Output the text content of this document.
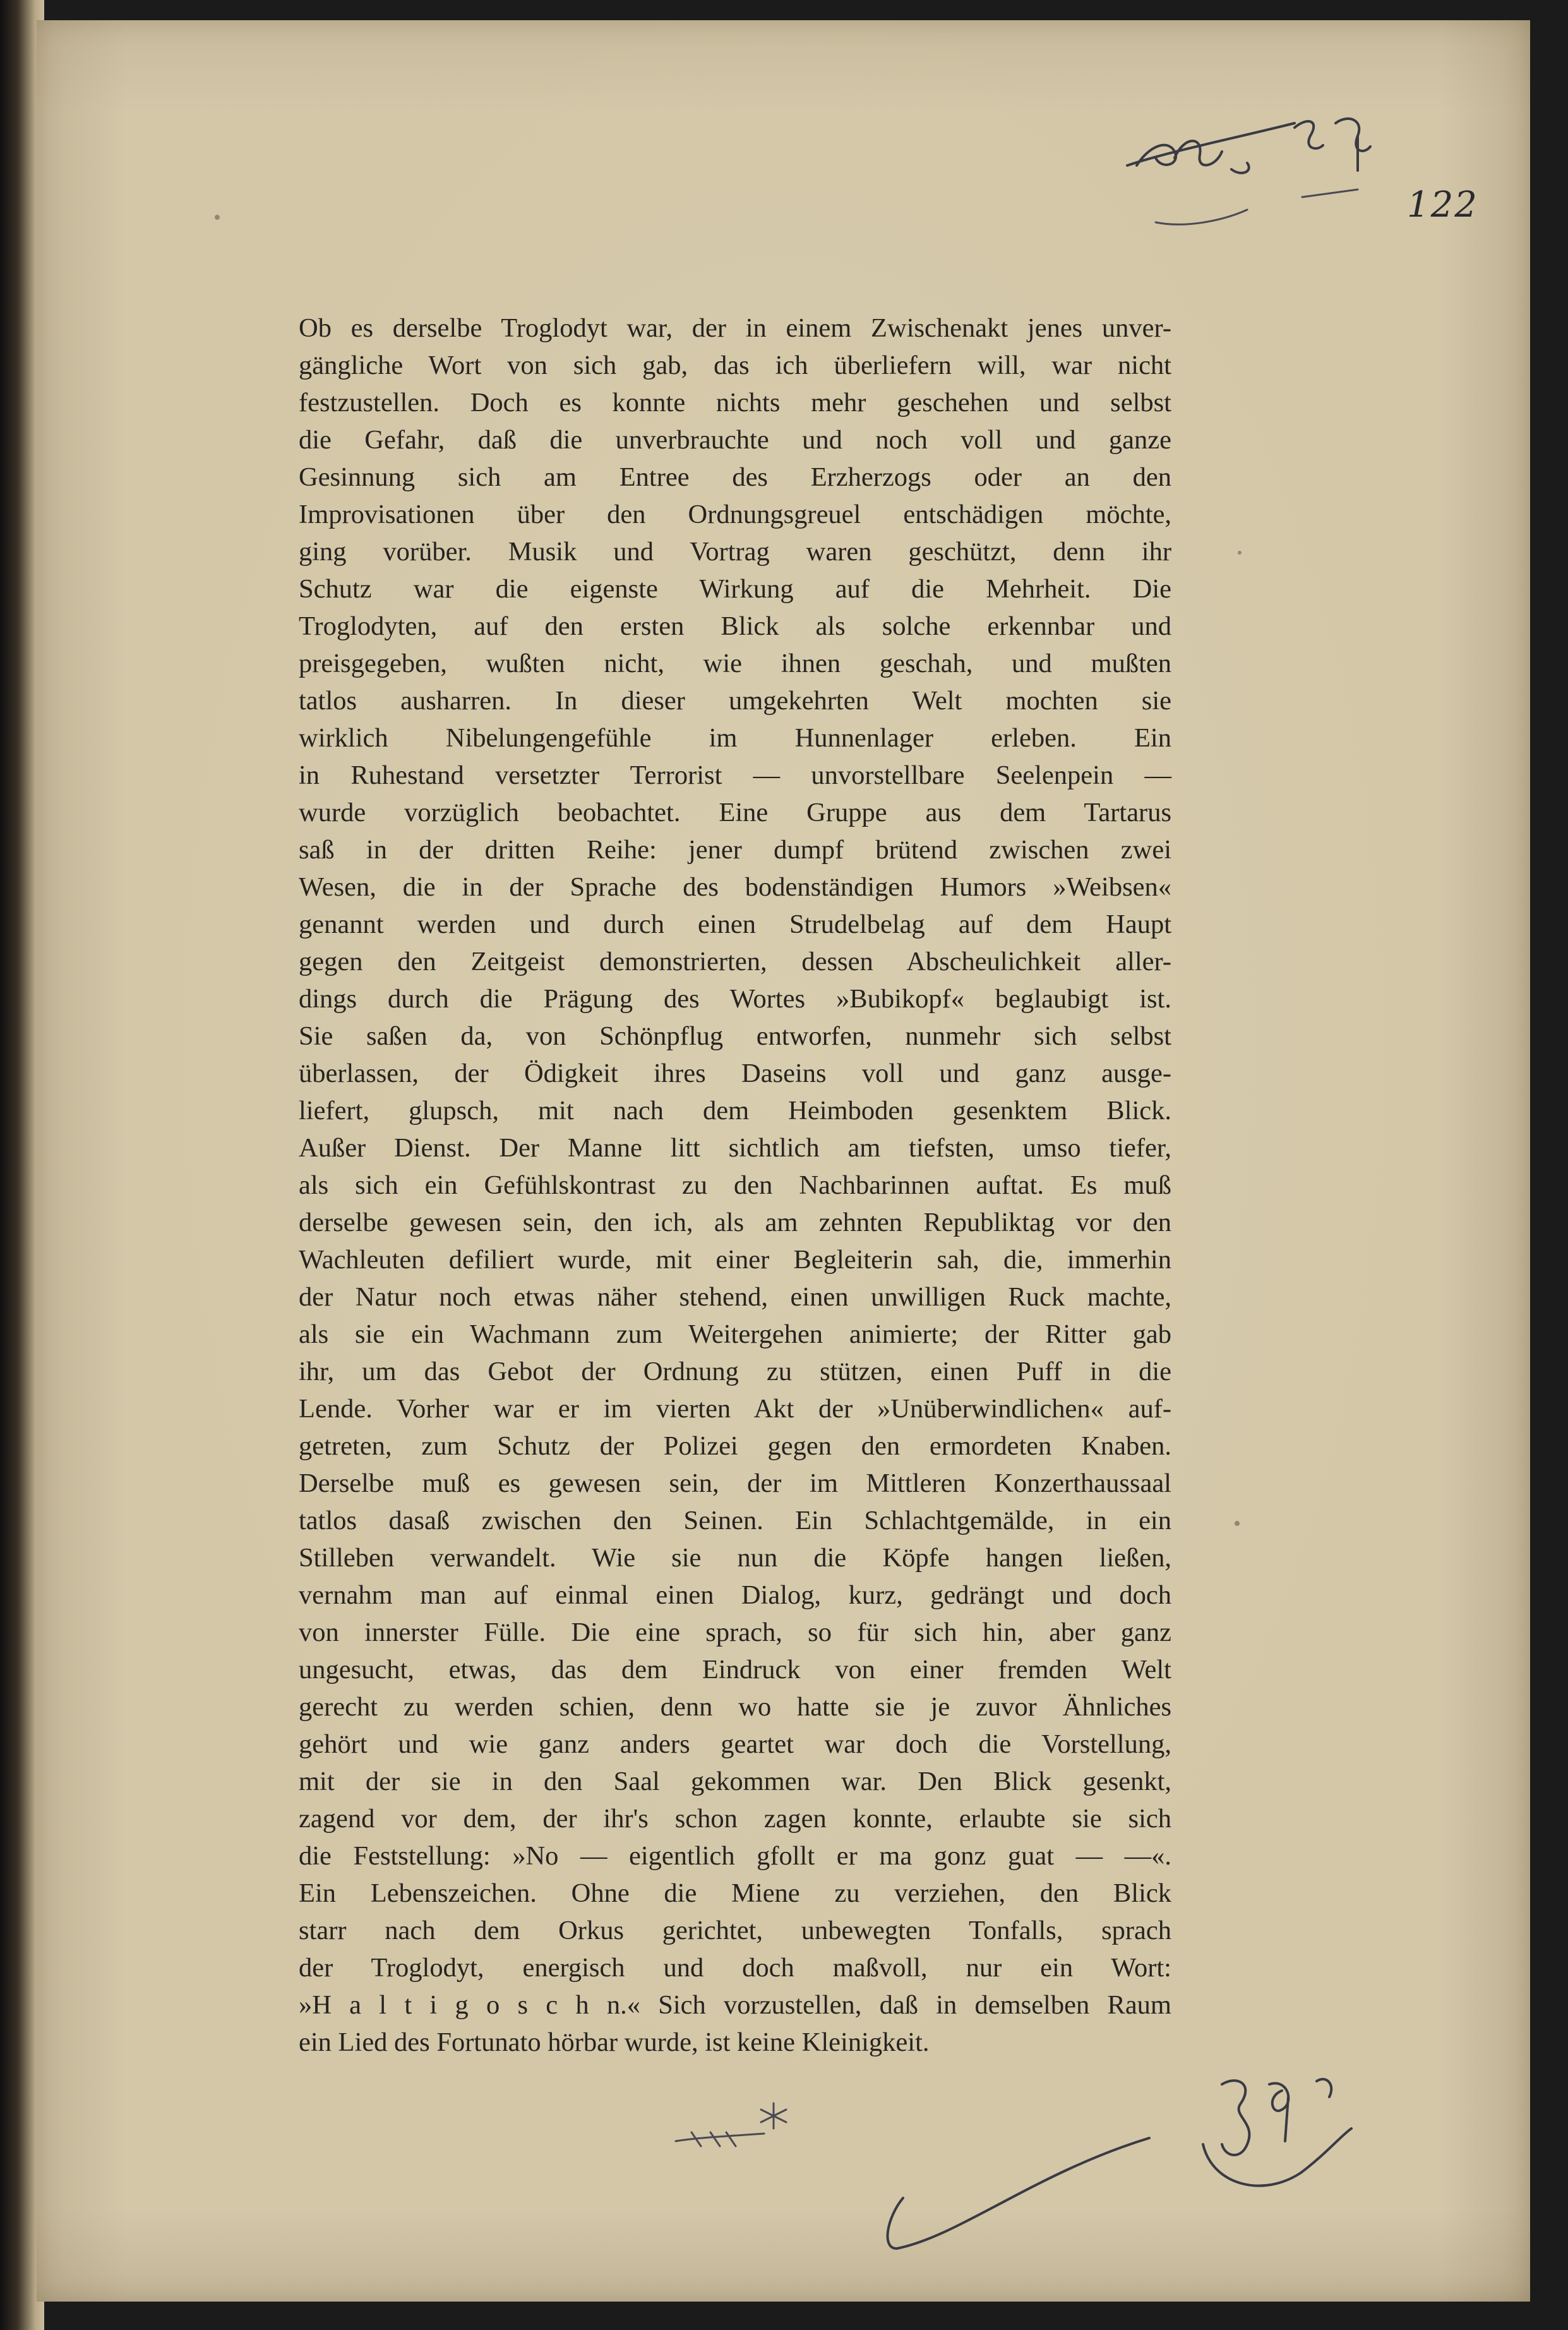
122

Ob es derselbe Troglodyt war, der in einem Zwischenakt jenes unver-
gängliche Wort von sich gab, das ich überliefern will, war nicht
festzustellen. Doch es konnte nichts mehr geschehen und selbst
die Gefahr, daß die unverbrauchte und noch voll und ganze
Gesinnung sich am Entree des Erzherzogs oder an den
Improvisationen über den Ordnungsgreuel entschädigen möchte,
ging vorüber. Musik und Vortrag waren geschützt, denn ihr
Schutz war die eigenste Wirkung auf die Mehrheit. Die
Troglodyten, auf den ersten Blick als solche erkennbar und
preisgegeben, wußten nicht, wie ihnen geschah, und mußten
tatlos ausharren. In dieser umgekehrten Welt mochten sie
wirklich Nibelungengefühle im Hunnenlager erleben. Ein
in Ruhestand versetzter Terrorist — unvorstellbare Seelenpein —
wurde vorzüglich beobachtet. Eine Gruppe aus dem Tartarus
saß in der dritten Reihe: jener dumpf brütend zwischen zwei
Wesen, die in der Sprache des bodenständigen Humors »Weibsen«
genannt werden und durch einen Strudelbelag auf dem Haupt
gegen den Zeitgeist demonstrierten, dessen Abscheulichkeit aller-
dings durch die Prägung des Wortes »Bubikopf« beglaubigt ist.
Sie saßen da, von Schönpflug entworfen, nunmehr sich selbst
überlassen, der Ödigkeit ihres Daseins voll und ganz ausge-
liefert, glupsch, mit nach dem Heimboden gesenktem Blick.
Außer Dienst. Der Manne litt sichtlich am tiefsten, umso tiefer,
als sich ein Gefühlskontrast zu den Nachbarinnen auftat. Es muß
derselbe gewesen sein, den ich, als am zehnten Republiktag vor den
Wachleuten defiliert wurde, mit einer Begleiterin sah, die, immerhin
der Natur noch etwas näher stehend, einen unwilligen Ruck machte,
als sie ein Wachmann zum Weitergehen animierte; der Ritter gab
ihr, um das Gebot der Ordnung zu stützen, einen Puff in die
Lende. Vorher war er im vierten Akt der »Unüberwindlichen« auf-
getreten, zum Schutz der Polizei gegen den ermordeten Knaben.
Derselbe muß es gewesen sein, der im Mittleren Konzerthaussaal
tatlos dasaß zwischen den Seinen. Ein Schlachtgemälde, in ein
Stilleben verwandelt. Wie sie nun die Köpfe hangen ließen,
vernahm man auf einmal einen Dialog, kurz, gedrängt und doch
von innerster Fülle. Die eine sprach, so für sich hin, aber ganz
ungesucht, etwas, das dem Eindruck von einer fremden Welt
gerecht zu werden schien, denn wo hatte sie je zuvor Ähnliches
gehört und wie ganz anders geartet war doch die Vorstellung,
mit der sie in den Saal gekommen war. Den Blick gesenkt,
zagend vor dem, der ihr's schon zagen konnte, erlaubte sie sich
die Feststellung: »No — eigentlich gfollt er ma gonz guat — —«.
Ein Lebenszeichen. Ohne die Miene zu verziehen, den Blick
starr nach dem Orkus gerichtet, unbewegten Tonfalls, sprach
der Troglodyt, energisch und doch maßvoll, nur ein Wort:
»H a l t i g o s c h n.« Sich vorzustellen, daß in demselben Raum
ein Lied des Fortunato hörbar wurde, ist keine Kleinigkeit.
